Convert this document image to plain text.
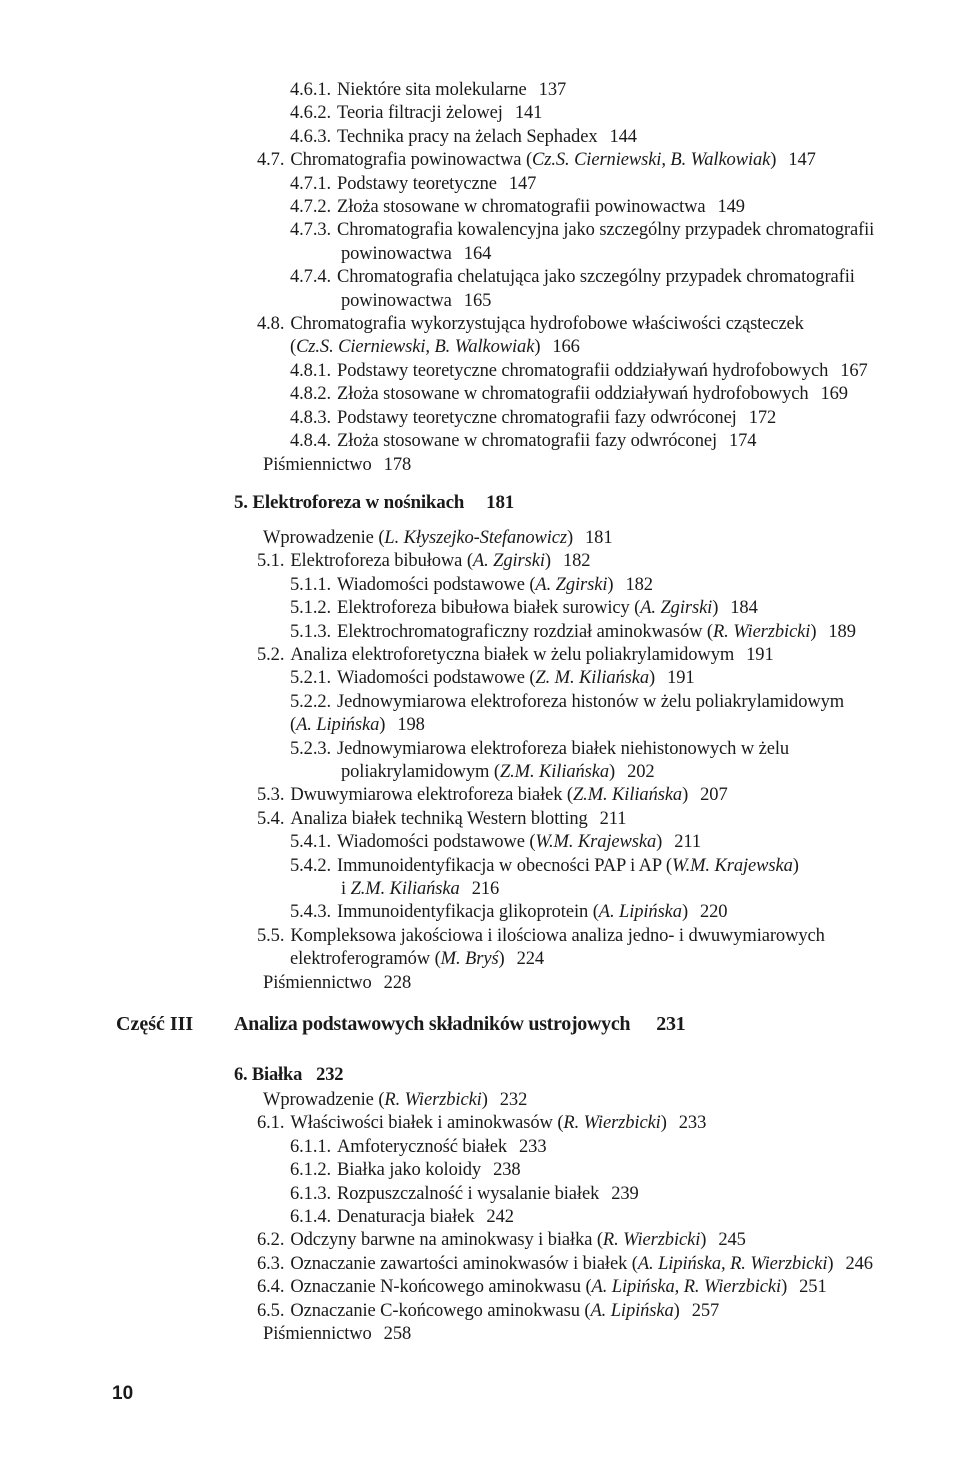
4.6.1. Niektóre sita molekularne 137
4.6.2. Teoria filtracji żelowej 141
4.6.3. Technika pracy na żelach Sephadex 144
4.7. Chromatografia powinowactwa (Cz.S. Cierniewski, B. Walkowiak) 147
4.7.1. Podstawy teoretyczne 147
4.7.2. Złoża stosowane w chromatografii powinowactwa 149
4.7.3. Chromatografia kowalencyjna jako szczególny przypadek chromatografii
powinowactwa 164
4.7.4. Chromatografia chelatująca jako szczególny przypadek chromatografii
powinowactwa 165
4.8. Chromatografia wykorzystująca hydrofobowe właściwości cząsteczek
(Cz.S. Cierniewski, B. Walkowiak) 166
4.8.1. Podstawy teoretyczne chromatografii oddziaływań hydrofobowych 167
4.8.2. Złoża stosowane w chromatografii oddziaływań hydrofobowych 169
4.8.3. Podstawy teoretyczne chromatografii fazy odwróconej 172
4.8.4. Złoża stosowane w chromatografii fazy odwróconej 174
Piśmiennictwo 178
5. Elektroforeza w nośnikach 181
Wprowadzenie (L. Kłyszejko-Stefanowicz) 181
5.1. Elektroforeza bibułowa (A. Zgirski) 182
5.1.1. Wiadomości podstawowe (A. Zgirski) 182
5.1.2. Elektroforeza bibułowa białek surowicy (A. Zgirski) 184
5.1.3. Elektrochromatograficzny rozdział aminokwasów (R. Wierzbicki) 189
5.2. Analiza elektroforetyczna białek w żelu poliakrylamidowym 191
5.2.1. Wiadomości podstawowe (Z. M. Kiliańska) 191
5.2.2. Jednowymiarowa elektroforeza histonów w żelu poliakrylamidowym
(A. Lipińska) 198
5.2.3. Jednowymiarowa elektroforeza białek niehistonowych w żelu
poliakrylamidowym (Z.M. Kiliańska) 202
5.3. Dwuwymiarowa elektroforeza białek (Z.M. Kiliańska) 207
5.4. Analiza białek techniką Western blotting 211
5.4.1. Wiadomości podstawowe (W.M. Krajewska) 211
5.4.2. Immunoidentyfikacja w obecności PAP i AP (W.M. Krajewska)
i Z.M. Kiliańska 216
5.4.3. Immunoidentyfikacja glikoprotein (A. Lipińska) 220
5.5. Kompleksowa jakościowa i ilościowa analiza jedno- i dwuwymiarowych
elektroferogramów (M. Bryś) 224
Piśmiennictwo 228
Część III Analiza podstawowych składników ustrojowych 231
6. Białka 232
Wprowadzenie (R. Wierzbicki) 232
6.1. Właściwości białek i aminokwasów (R. Wierzbicki) 233
6.1.1. Amfoteryczność białek 233
6.1.2. Białka jako koloidy 238
6.1.3. Rozpuszczalność i wysalanie białek 239
6.1.4. Denaturacja białek 242
6.2. Odczyny barwne na aminokwasy i białka (R. Wierzbicki) 245
6.3. Oznaczanie zawartości aminokwasów i białek (A. Lipińska, R. Wierzbicki) 246
6.4. Oznaczanie N-końcowego aminokwasu (A. Lipińska, R. Wierzbicki) 251
6.5. Oznaczanie C-końcowego aminokwasu (A. Lipińska) 257
Piśmiennictwo 258
10
